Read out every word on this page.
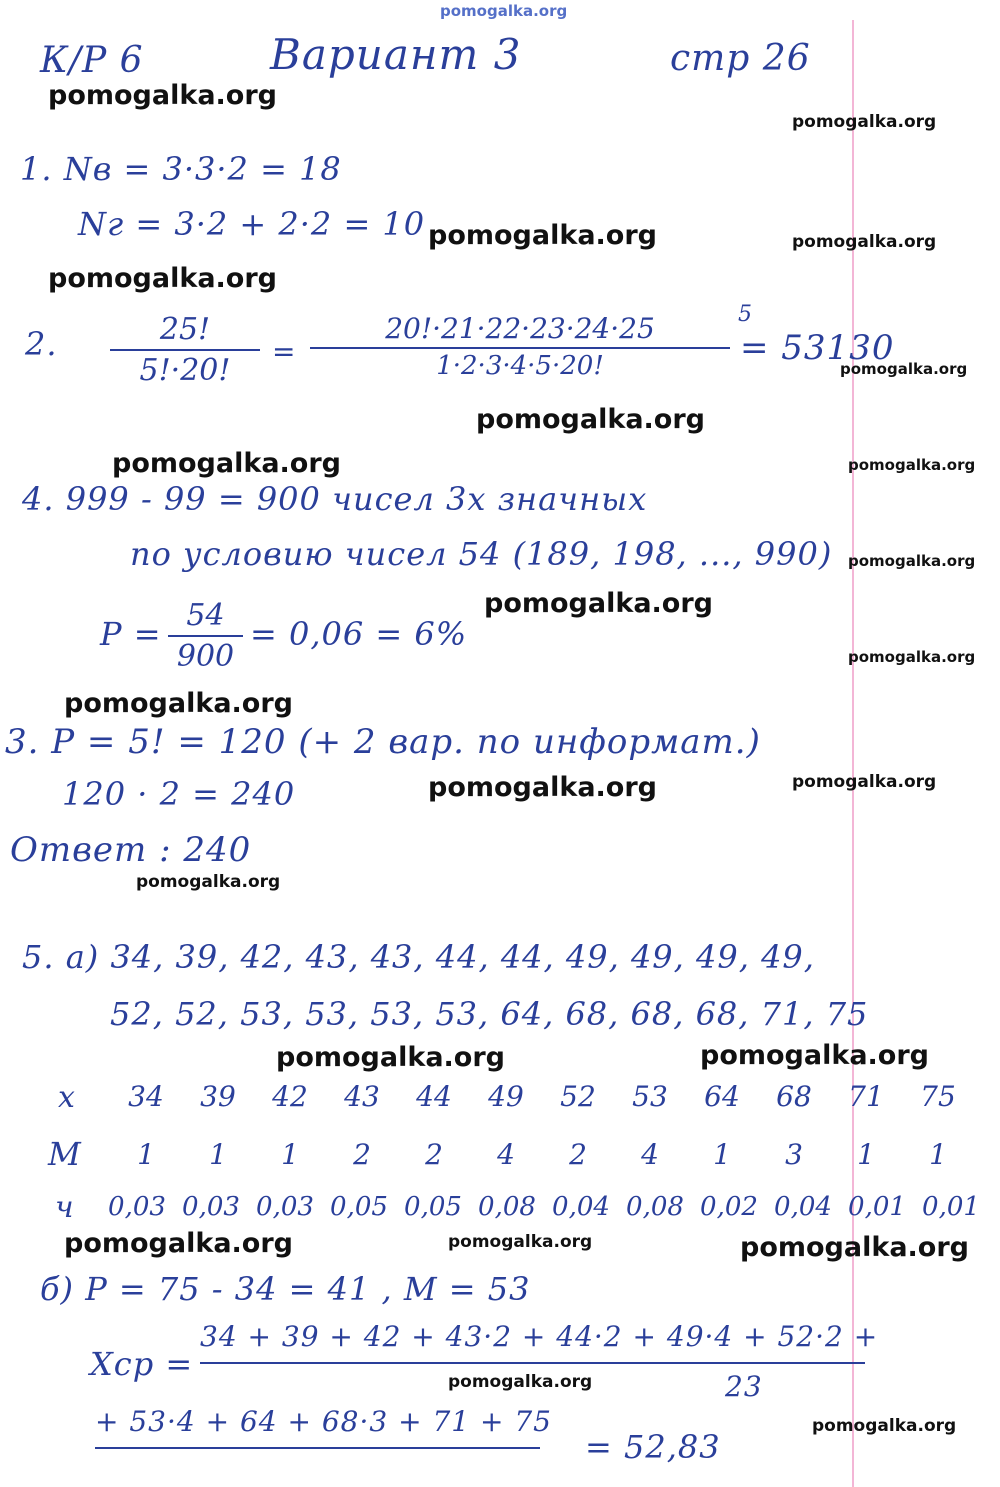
pomogalka.org
К/Р 6	Вариант 3	стр 26
1. Nв = 3·3·2 = 18
Nг = 3·2 + 2·2 = 10
2.	25!
5!·20!
=
20!·21·22·23·24·25
1·2·3·4·5·20!
5
= 53130
4. 999 - 99 = 900 чисел 3х значных
по условию чисел 54 (189, 198, ..., 990)
P = 54
900
= 0,06 = 6%
3. P = 5! = 120 (+ 2 вар. по информат.)
120 · 2 = 240
Ответ : 240
5. а) 34, 39, 42, 43, 43, 44, 44, 49, 49, 49, 49,
52, 52, 53, 53, 53, 53, 64, 68, 68, 68, 71, 75
x	34	39	42	43	44	49	52	53	64	68	71	75
M	1	1	1	2	2	4	2	4	1	3	1	1
ч	0,03 0,03 0,03 0,05 0,05 0,08 0,04 0,08 0,02 0,04 0,01 0,01
б) P = 75 - 34 = 41 , M = 53
Xср =
34 + 39 + 42 + 43·2 + 44·2 + 49·4 + 52·2 +
23
+ 53·4 + 64 + 68·3 + 71 + 75
= 52,83
pomogalka.org
pomogalka.org
pomogalka.org	pomogalka.org
pomogalka.org
pomogalka.org
pomogalka.org
pomogalka.org	pomogalka.org
pomogalka.org
pomogalka.org
pomogalka.org
pomogalka.org
pomogalka.org	pomogalka.org
pomogalka.org
pomogalka.org	pomogalka.org
pomogalka.org	pomogalka.org	pomogalka.org
pomogalka.org
pomogalka.org
